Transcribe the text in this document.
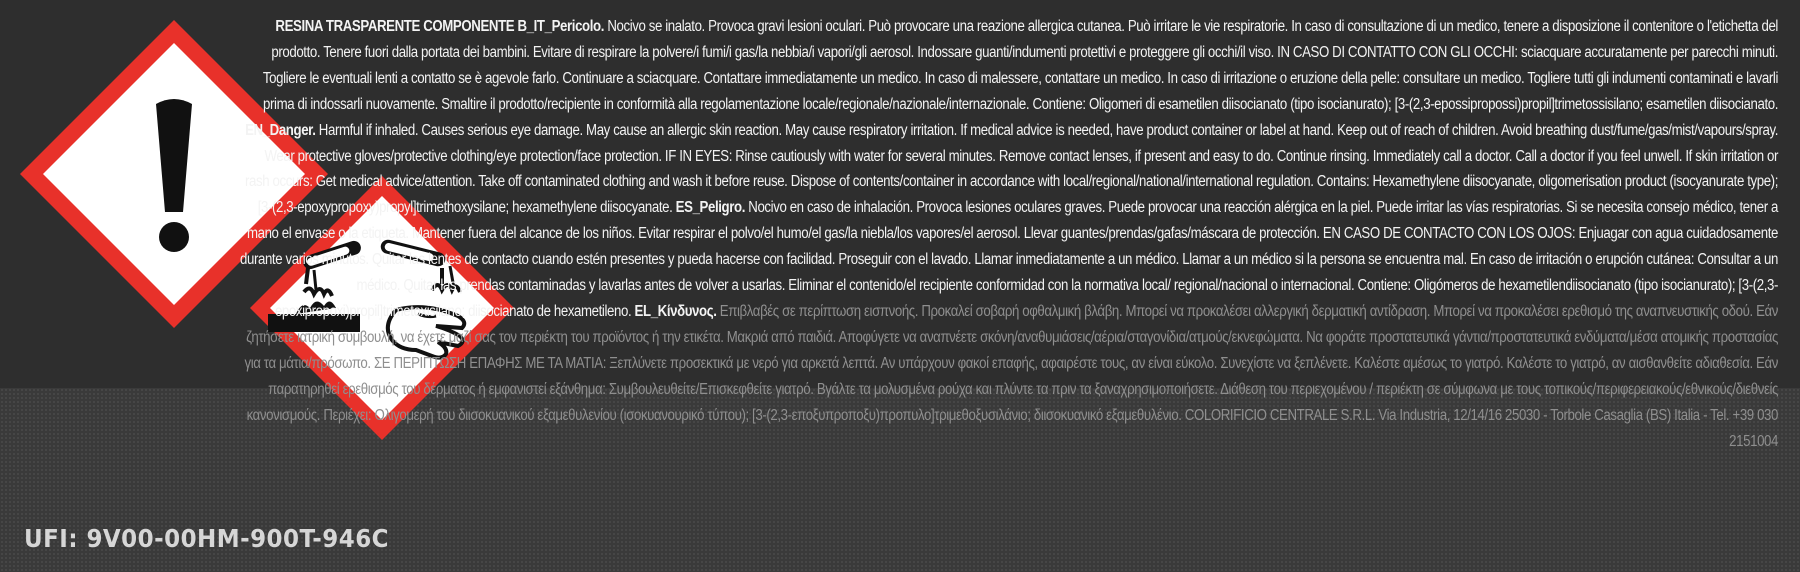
RESINA TRASPARENTE COMPONENTE B_IT_Pericolo. Nocivo se inalato. Provoca gravi lesioni oculari. Può provocare una reazione allergica cutanea. Può irritare le vie respiratorie. In caso di consultazione di un medico, tenere a disposizione il contenitore o l'etichetta del prodotto. Tenere fuori dalla portata dei bambini. Evitare di respirare la polvere/i fumi/i gas/la nebbia/i vapori/gli aerosol. Indossare guanti/indumenti protettivi e proteggere gli occhi/il viso. IN CASO DI CONTATTO CON GLI OCCHI: sciacquare accuratamente per parecchi minuti. Togliere le eventuali lenti a contatto se è agevole farlo. Continuare a sciacquare. Contattare immediatamente un medico. In caso di malessere, contattare un medico. In caso di irritazione o eruzione della pelle: consultare un medico. Togliere tutti gli indumenti contaminati e lavarli prima di indossarli nuovamente. Smaltire il prodotto/recipiente in conformità alla regolamentazione locale/regionale/nazionale/internazionale. Contiene: Oligomeri di esametilen diisocianato (tipo isocianurato); [3-(2,3-epossipropossi)propil]trimetossisilano; esametilen diisocianato. EN_Danger. Harmful if inhaled. Causes serious eye damage. May cause an allergic skin reaction. May cause respiratory irritation. If medical advice is needed, have product container or label at hand. Keep out of reach of children. Avoid breathing dust/fume/gas/mist/vapours/spray. Wear protective gloves/protective clothing/eye protection/face protection. IF IN EYES: Rinse cautiously with water for several minutes. Remove contact lenses, if present and easy to do. Continue rinsing. Immediately call a doctor. Call a doctor if you feel unwell. If skin irritation or rash occurs: Get medical advice/attention. Take off contaminated clothing and wash it before reuse. Dispose of contents/container in accordance with local/regional/national/international regulation. Contains: Hexamethylene diisocyanate, oligomerisation product (isocyanurate type); [3-(2,3-epoxypropoxy)propyl]trimethoxysilane; hexamethylene diisocyanate. ES_Peligro. Nocivo en caso de inhalación. Provoca lesiones oculares graves. Puede provocar una reacción alérgica en la piel. Puede irritar las vías respiratorias. Si se necesita consejo médico, tener a mano el envase o la etiqueta. Mantener fuera del alcance de los niños. Evitar respirar el polvo/el humo/el gas/la niebla/los vapores/el aerosol. Llevar guantes/prendas/gafas/máscara de protección. EN CASO DE CONTACTO CON LOS OJOS: Enjuagar con agua cuidadosamente durante varios minutos. Quitar las lentes de contacto cuando estén presentes y pueda hacerse con facilidad. Proseguir con el lavado. Llamar inmediatamente a un médico. Llamar a un médico si la persona se encuentra mal. En caso de irritación o erupción cutánea: Consultar a un médico. Quitar las prendas contaminadas y lavarlas antes de volver a usarlas. Eliminar el contenido/el recipiente conformidad con la normativa local/ regional/nacional o internacional. Contiene: Oligómeros de hexametilendiisocianato (tipo isocianurato); [3-(2,3-epoxipropoxi)propil]trimetoxisilano; diisocianato de hexametileno. EL_Κίνδυνος. Επιβλαβές σε περίπτωση εισπνοής. Προκαλεί σοβαρή οφθαλμική βλάβη. Μπορεί να προκαλέσει αλλεργική δερματική αντίδραση. Μπορεί να προκαλέσει ερεθισμό της αναπνευστικής οδού. Εάν ζητήσετε ιατρική συμβουλή, να έχετε μαζί σας τον περιέκτη του προϊόντος ή την ετικέτα. Μακριά από παιδιά. Αποφύγετε να αναπνέετε σκόνη/αναθυμιάσεις/αέρια/σταγονίδια/ατμούς/εκνεφώματα. Να φοράτε προστατευτικά γάντια/προστατευτικά ενδύματα/μέσα ατομικής προστασίας για τα μάτια/πρόσωπο. ΣΕ ΠΕΡΙΠΤΩΣΗ ΕΠΑΦΗΣ ΜΕ ΤΑ ΜΑΤΙΑ: Ξεπλύνετε προσεκτικά με νερό για αρκετά λεπτά. Αν υπάρχουν φακοί επαφής, αφαιρέστε τους, αν είναι εύκολο. Συνεχίστε να ξεπλένετε. Καλέστε αμέσως το γιατρό. Καλέστε το γιατρό, αν αισθανθείτε αδιαθεσία. Εάν παρατηρηθεί ερεθισμός του δέρματος ή εμφανιστεί εξάνθημα: Συμβουλευθείτε/Επισκεφθείτε γιατρό. Βγάλτε τα μολυσμένα ρούχα και πλύντε τα πριν τα ξαναχρησιμοποιήσετε. Διάθεση του περιεχομένου / περιέκτη σε σύμφωνα με τους τοπικούς/περιφερειακούς/εθνικούς/διεθνείς κανονισμούς. Περιέχει: Ολιγομερή του διισοκυανικού εξαμεθυλενίου (ισοκυανουρικό τύπου); [3-(2,3-εποξυπροποξυ)προπυλο]τριμεθοξυσιλάνιο; διισοκυανικό εξαμεθυλένιο. COLORIFICIO CENTRALE S.R.L. Via Industria, 12/14/16 25030 - Torbole Casaglia (BS) Italia - Tel. +39 030 2151004
UFI: 9V00-00HM-900T-946C
